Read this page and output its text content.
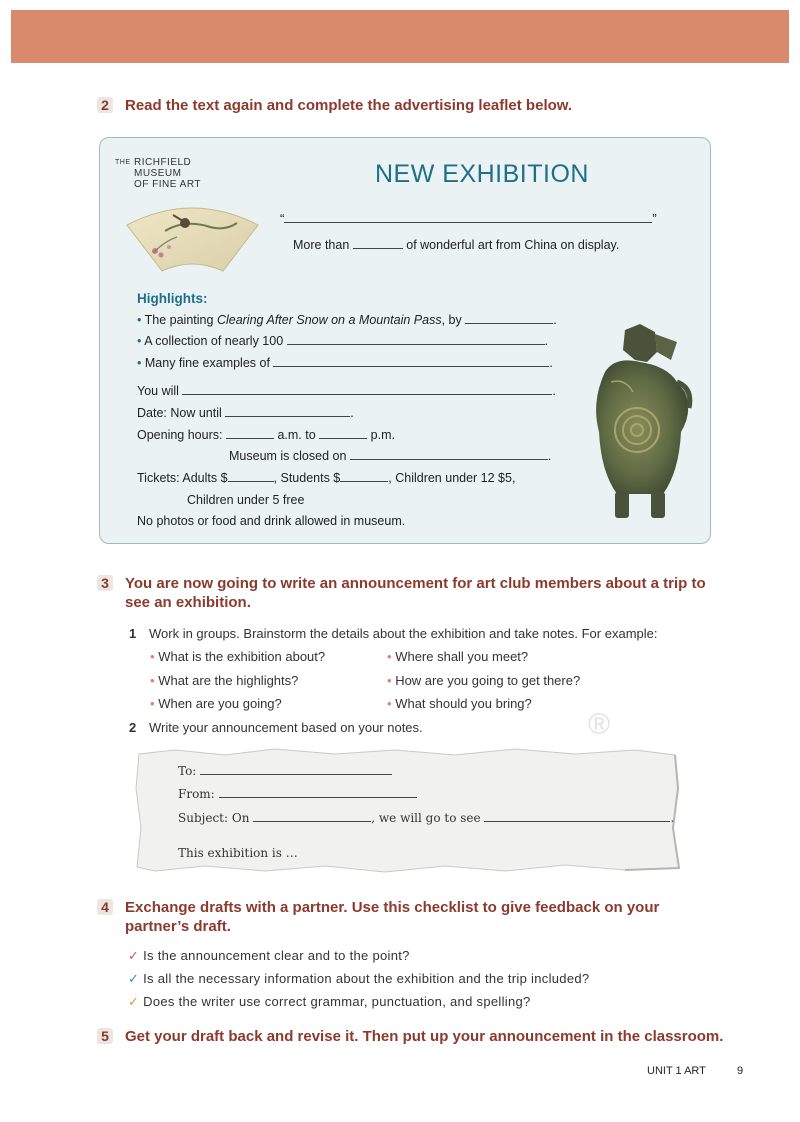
2 Read the text again and complete the advertising leaflet below.
THE RICHFIELD
MUSEUM
OF FINE ART	NEW EXHIBITION
“	”
More than	of wonderful art from China on display.
Highlights:
• The painting Clearing After Snow on a Mountain Pass, by	.
• A collection of nearly 100	.
• Many fine examples of	.
You will	.
Date: Now until	.
Opening hours:	a.m. to	p.m.
Museum is closed on	.
Tickets: Adults $	, Students $	, Children under 12 $5,
Children under 5 free
No photos or food and drink allowed in museum.
3 You are now going to write an announcement for art club members about a trip to
see an exhibition.
1 Work in groups. Brainstorm the details about the exhibition and take notes. For example:
• What is the exhibition about?	• Where shall you meet?
• What are the highlights?	• How are you going to get there?
• When are you going?	• What should you bring?
2 Write your announcement based on your notes.	®
To:
From:
Subject: On	, we will go to see	.
This exhibition is …
4 Exchange drafts with a partner. Use this checklist to give feedback on your
partner’s draft.
✓ Is the announcement clear and to the point?
✓ Is all the necessary information about the exhibition and the trip included?
✓ Does the writer use correct grammar, punctuation, and spelling?
5 Get your draft back and revise it. Then put up your announcement in the classroom.
UNIT 1 ART	9
